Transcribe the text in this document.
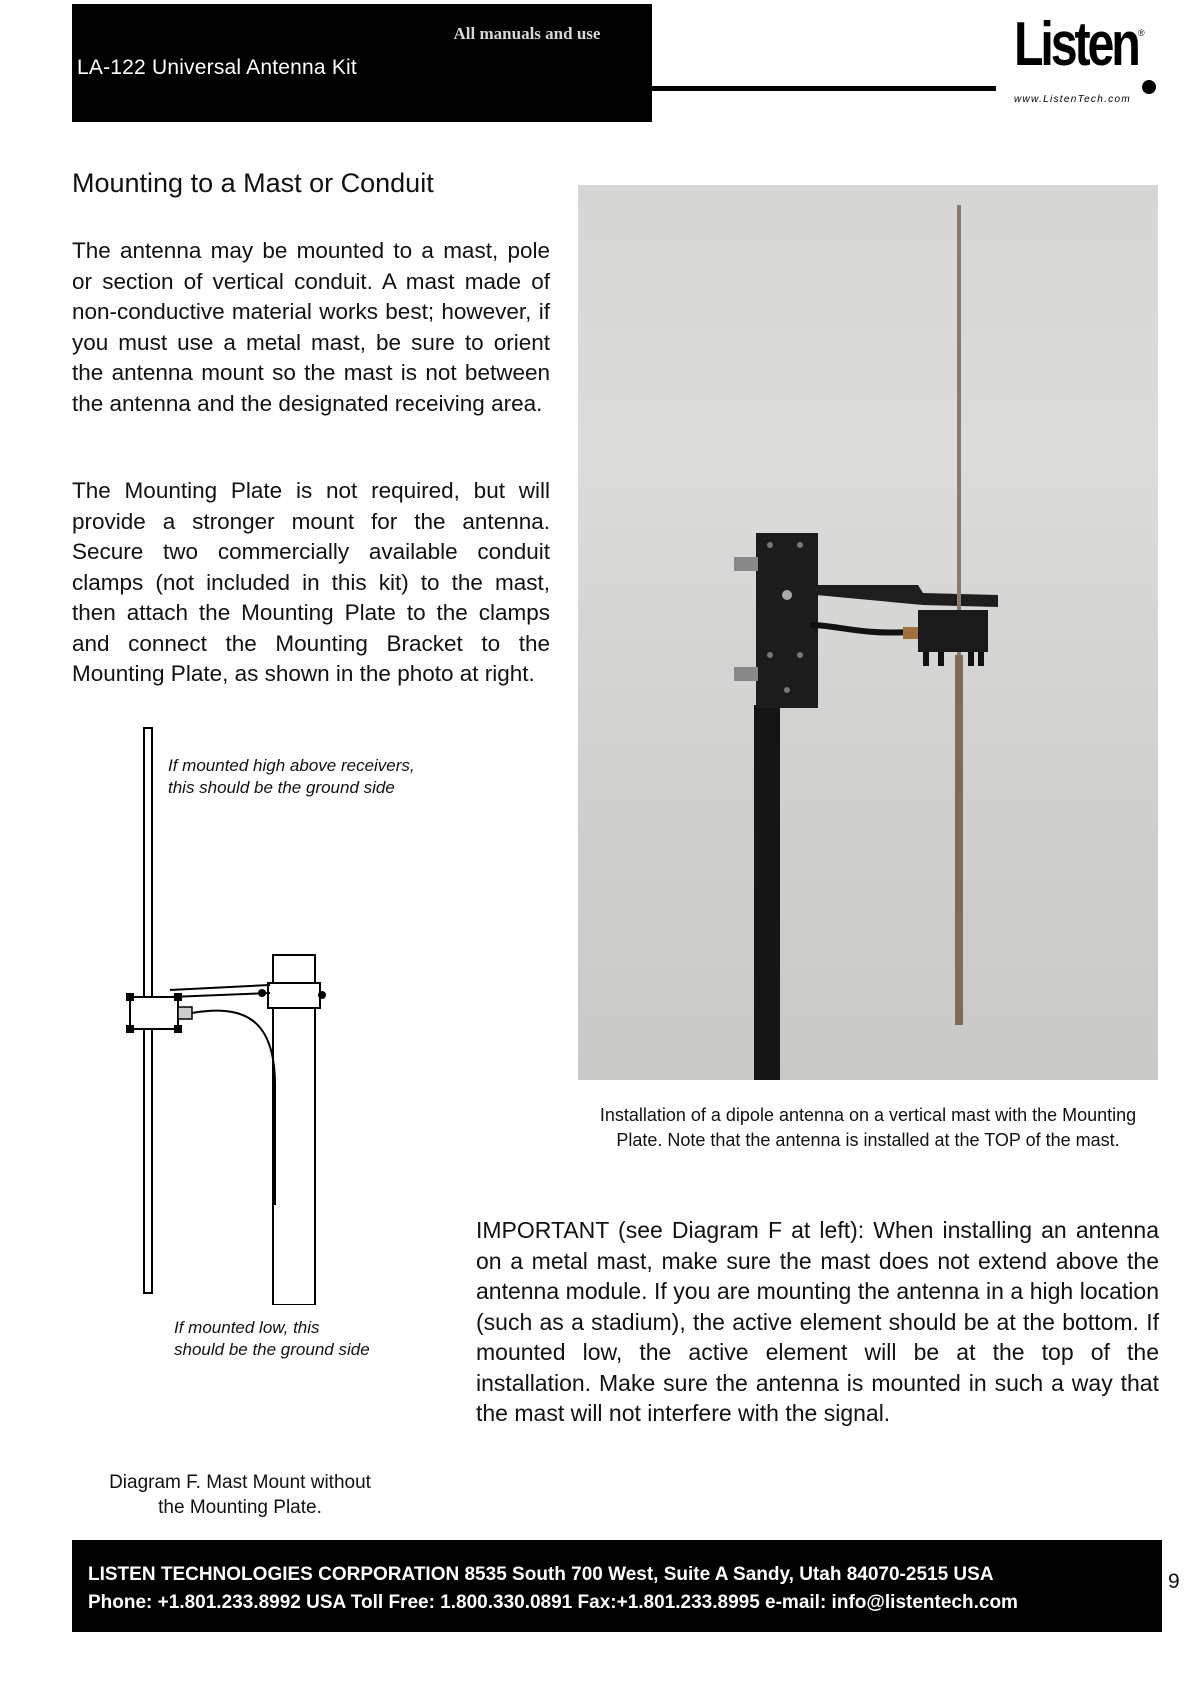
All manuals and use
LA-122 Universal Antenna Kit	Listen ®
www.ListenTech.com
Mounting to a Mast or Conduit

The antenna may be mounted to a mast, pole or section of vertical conduit. A mast made of non-conductive material works best; however, if you must use a metal mast, be sure to orient the antenna mount so the mast is not between the antenna and the designated receiving area.

The Mounting Plate is not required, but will provide a stronger mount for the antenna. Secure two commercially available conduit clamps (not included in this kit) to the mast, then attach the Mounting Plate to the clamps and connect the Mounting Bracket to the Mounting Plate, as shown in the photo at right.

Installation of a dipole antenna on a vertical mast with the Mounting Plate. Note that the antenna is installed at the TOP of the mast.

If mounted high above receivers, this should be the ground side

If mounted low, this should be the ground side

Diagram F. Mast Mount without
the Mounting Plate.

IMPORTANT (see Diagram F at left): When installing an antenna on a metal mast, make sure the mast does not extend above the antenna module. If you are mounting the antenna in a high location (such as a stadium), the active element should be at the bottom. If mounted low, the active element will be at the top of the installation. Make sure the antenna is mounted in such a way that the mast will not interfere with the signal.

LISTEN TECHNOLOGIES CORPORATION 8535 South 700 West, Suite A Sandy, Utah 84070-2515 USA
Phone: +1.801.233.8992 USA Toll Free: 1.800.330.0891 Fax:+1.801.233.8995 e-mail: info@listentech.com
9
